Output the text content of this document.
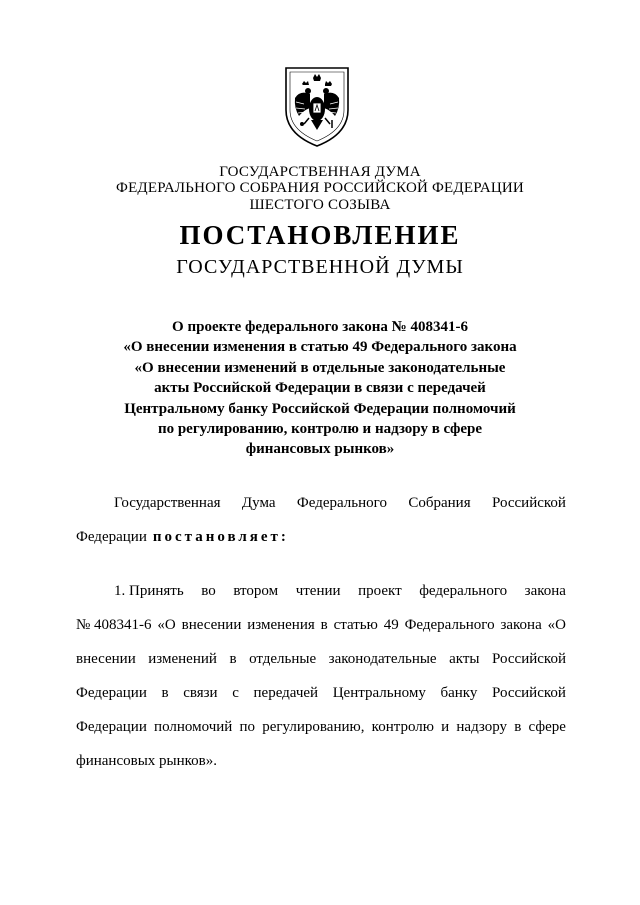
ГОСУДАРСТВЕННАЯ ДУМА
ФЕДЕРАЛЬНОГО СОБРАНИЯ РОССИЙСКОЙ ФЕДЕРАЦИИ
ШЕСТОГО СОЗЫВА
ПОСТАНОВЛЕНИЕ
ГОСУДАРСТВЕННОЙ ДУМЫ
О проекте федерального закона № 408341-6
«О внесении изменения в статью 49 Федерального закона
«О внесении изменений в отдельные законодательные
акты Российской Федерации в связи с передачей
Центральному банку Российской Федерации полномочий
по регулированию, контролю и надзору в сфере
финансовых рынков»
Государственная Дума Федерального Собрания Российской
Федерации постановляет:
1. Принять во втором чтении проект федерального закона
№ 408341-6 «О внесении изменения в статью 49 Федерального закона «О
внесении изменений в отдельные законодательные акты Российской
Федерации в связи с передачей Центральному банку Российской
Федерации полномочий по регулированию, контролю и надзору в сфере
финансовых рынков».
